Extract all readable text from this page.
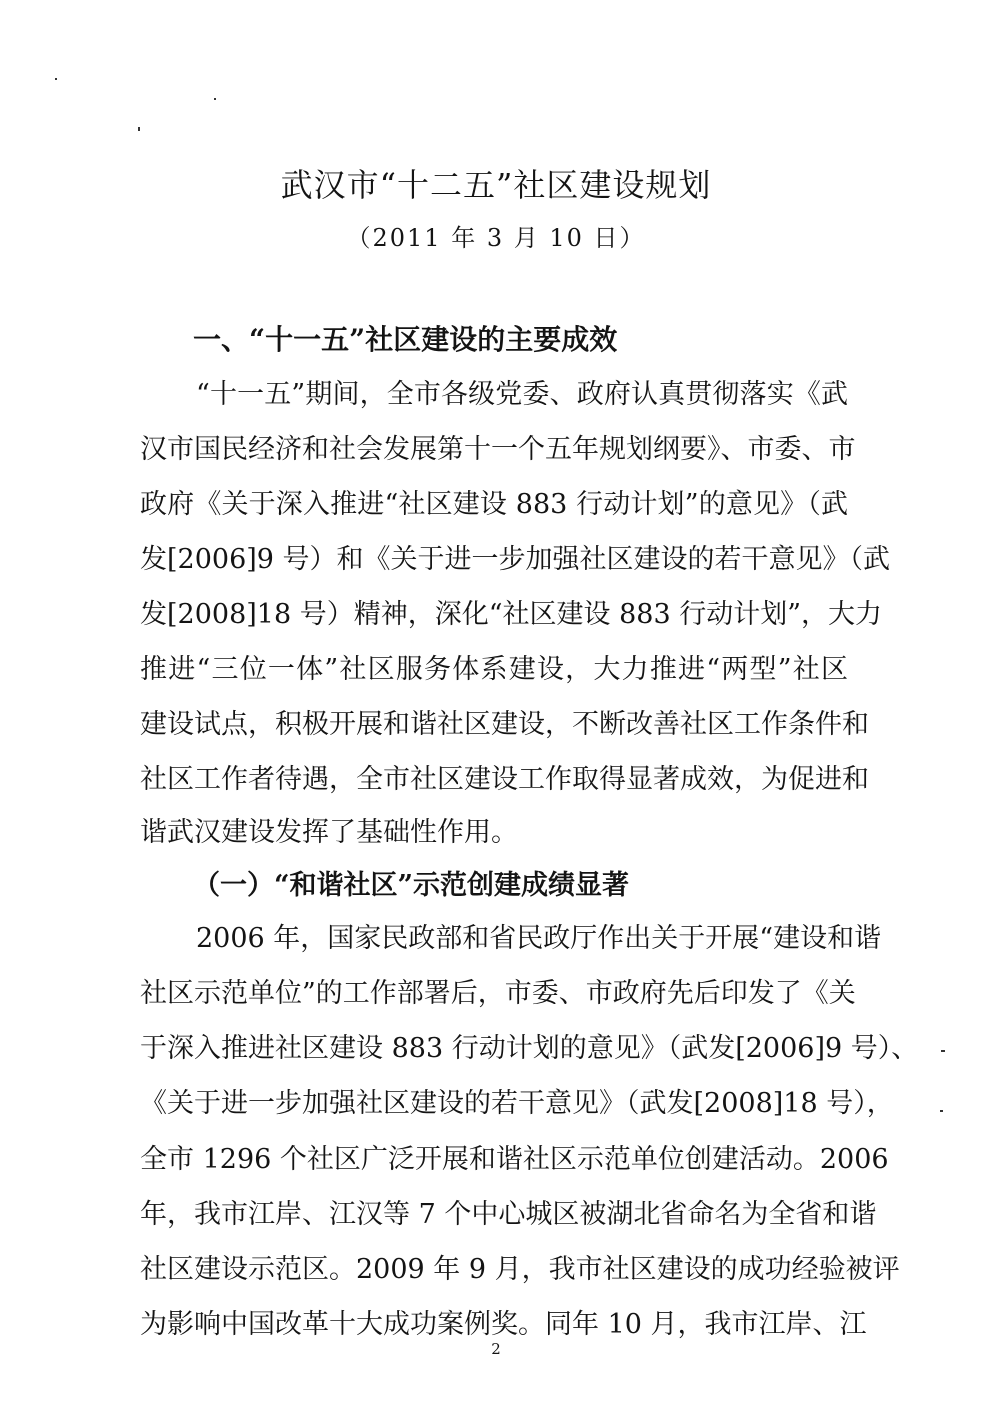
武汉市“十二五”社区建设规划
（2011 年 3 月 10 日）
一、“十一五”社区建设的主要成效
“十一五”期间，全市各级党委、政府认真贯彻落实《武
汉市国民经济和社会发展第十一个五年规划纲要》、市委、市
政府《关于深入推进“社区建设 883 行动计划”的意见》（武
发[2006]9 号）和《关于进一步加强社区建设的若干意见》（武
发[2008]18 号）精神，深化“社区建设 883 行动计划”，大力
推进“三位一体”社区服务体系建设，大力推进“两型”社区
建设试点，积极开展和谐社区建设，不断改善社区工作条件和
社区工作者待遇，全市社区建设工作取得显著成效，为促进和
谐武汉建设发挥了基础性作用。
（一）“和谐社区”示范创建成绩显著
2006 年，国家民政部和省民政厅作出关于开展“建设和谐
社区示范单位”的工作部署后，市委、市政府先后印发了《关
于深入推进社区建设 883 行动计划的意见》（武发[2006]9 号）、
《关于进一步加强社区建设的若干意见》（武发[2008]18 号），
全市 1296 个社区广泛开展和谐社区示范单位创建活动。2006
年，我市江岸、江汉等 7 个中心城区被湖北省命名为全省和谐
社区建设示范区。2009 年 9 月，我市社区建设的成功经验被评
为影响中国改革十大成功案例奖。同年 10 月，我市江岸、江
2
